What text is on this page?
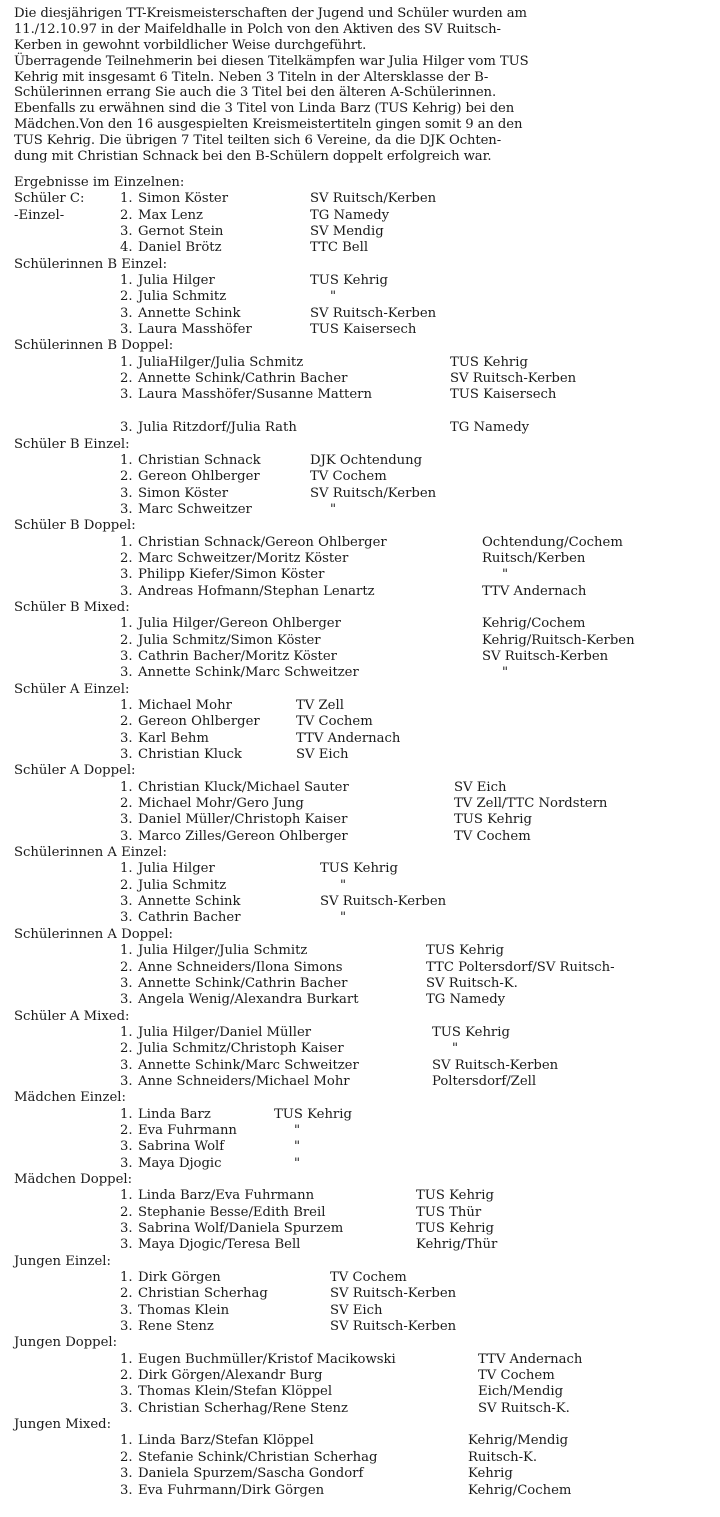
Die diesjährigen TT-Kreismeisterschaften der Jugend und Schüler wurden am
11./12.10.97 in der Maifeldhalle in Polch von den Aktiven des SV Ruitsch-
Kerben in gewohnt vorbildlicher Weise durchgeführt.
Überragende Teilnehmerin bei diesen Titelkämpfen war Julia Hilger vom TUS
Kehrig mit insgesamt 6 Titeln. Neben 3 Titeln in der Altersklasse der B-
Schülerinnen errang Sie auch die 3 Titel bei den älteren A-Schülerinnen.
Ebenfalls zu erwähnen sind die 3 Titel von Linda Barz (TUS Kehrig) bei den
Mädchen.Von den 16 ausgespielten Kreismeistertiteln gingen somit 9 an den
TUS Kehrig. Die übrigen 7 Titel teilten sich 6 Vereine, da die DJK Ochten-
dung mit Christian Schnack bei den B-Schülern doppelt erfolgreich war.
Ergebnisse im Einzelnen:
Schüler C:	1. Simon Köster	SV Ruitsch/Kerben
-Einzel-	2. Max Lenz	TG Namedy
3. Gernot Stein	SV Mendig
4. Daniel Brötz	TTC Bell
Schülerinnen B Einzel:
1. Julia Hilger	TUS Kehrig
2. Julia Schmitz	"
3. Annette Schink	SV Ruitsch-Kerben
3. Laura Masshöfer	TUS Kaisersech
Schülerinnen B Doppel:
1. JuliaHilger/Julia Schmitz	TUS Kehrig
2. Annette Schink/Cathrin Bacher	SV Ruitsch-Kerben
3. Laura Masshöfer/Susanne Mattern	TUS Kaisersech
3. Julia Ritzdorf/Julia Rath	TG Namedy
Schüler B Einzel:
1. Christian Schnack	DJK Ochtendung
2. Gereon Ohlberger	TV Cochem
3. Simon Köster	SV Ruitsch/Kerben
3. Marc Schweitzer	"
Schüler B Doppel:
1. Christian Schnack/Gereon Ohlberger	Ochtendung/Cochem
2. Marc Schweitzer/Moritz Köster	Ruitsch/Kerben
3. Philipp Kiefer/Simon Köster	"
3. Andreas Hofmann/Stephan Lenartz	TTV Andernach
Schüler B Mixed:
1. Julia Hilger/Gereon Ohlberger	Kehrig/Cochem
2. Julia Schmitz/Simon Köster	Kehrig/Ruitsch-Kerben
3. Cathrin Bacher/Moritz Köster	SV Ruitsch-Kerben
3. Annette Schink/Marc Schweitzer	"
Schüler A Einzel:
1. Michael Mohr	TV Zell
2. Gereon Ohlberger	TV Cochem
3. Karl Behm	TTV Andernach
3. Christian Kluck	SV Eich
Schüler A Doppel:
1. Christian Kluck/Michael Sauter	SV Eich
2. Michael Mohr/Gero Jung	TV Zell/TTC Nordstern
3. Daniel Müller/Christoph Kaiser	TUS Kehrig
3. Marco Zilles/Gereon Ohlberger	TV Cochem
Schülerinnen A Einzel:
1. Julia Hilger	TUS Kehrig
2. Julia Schmitz	"
3. Annette Schink	SV Ruitsch-Kerben
3. Cathrin Bacher	"
Schülerinnen A Doppel:
1. Julia Hilger/Julia Schmitz	TUS Kehrig
2. Anne Schneiders/Ilona Simons	TTC Poltersdorf/SV Ruitsch-
3. Annette Schink/Cathrin Bacher	SV Ruitsch-K.
3. Angela Wenig/Alexandra Burkart	TG Namedy
Schüler A Mixed:
1. Julia Hilger/Daniel Müller	TUS Kehrig
2. Julia Schmitz/Christoph Kaiser	"
3. Annette Schink/Marc Schweitzer	SV Ruitsch-Kerben
3. Anne Schneiders/Michael Mohr	Poltersdorf/Zell
Mädchen Einzel:
1. Linda Barz	TUS Kehrig
2. Eva Fuhrmann	"
3. Sabrina Wolf	"
3. Maya Djogic	"
Mädchen Doppel:
1. Linda Barz/Eva Fuhrmann	TUS Kehrig
2. Stephanie Besse/Edith Breil	TUS Thür
3. Sabrina Wolf/Daniela Spurzem	TUS Kehrig
3. Maya Djogic/Teresa Bell	Kehrig/Thür
Jungen Einzel:
1. Dirk Görgen	TV Cochem
2. Christian Scherhag	SV Ruitsch-Kerben
3. Thomas Klein	SV Eich
3. Rene Stenz	SV Ruitsch-Kerben
Jungen Doppel:
1. Eugen Buchmüller/Kristof Macikowski	TTV Andernach
2. Dirk Görgen/Alexandr Burg	TV Cochem
3. Thomas Klein/Stefan Klöppel	Eich/Mendig
3. Christian Scherhag/Rene Stenz	SV Ruitsch-K.
Jungen Mixed:
1. Linda Barz/Stefan Klöppel	Kehrig/Mendig
2. Stefanie Schink/Christian Scherhag	Ruitsch-K.
3. Daniela Spurzem/Sascha Gondorf	Kehrig
3. Eva Fuhrmann/Dirk Görgen	Kehrig/Cochem
